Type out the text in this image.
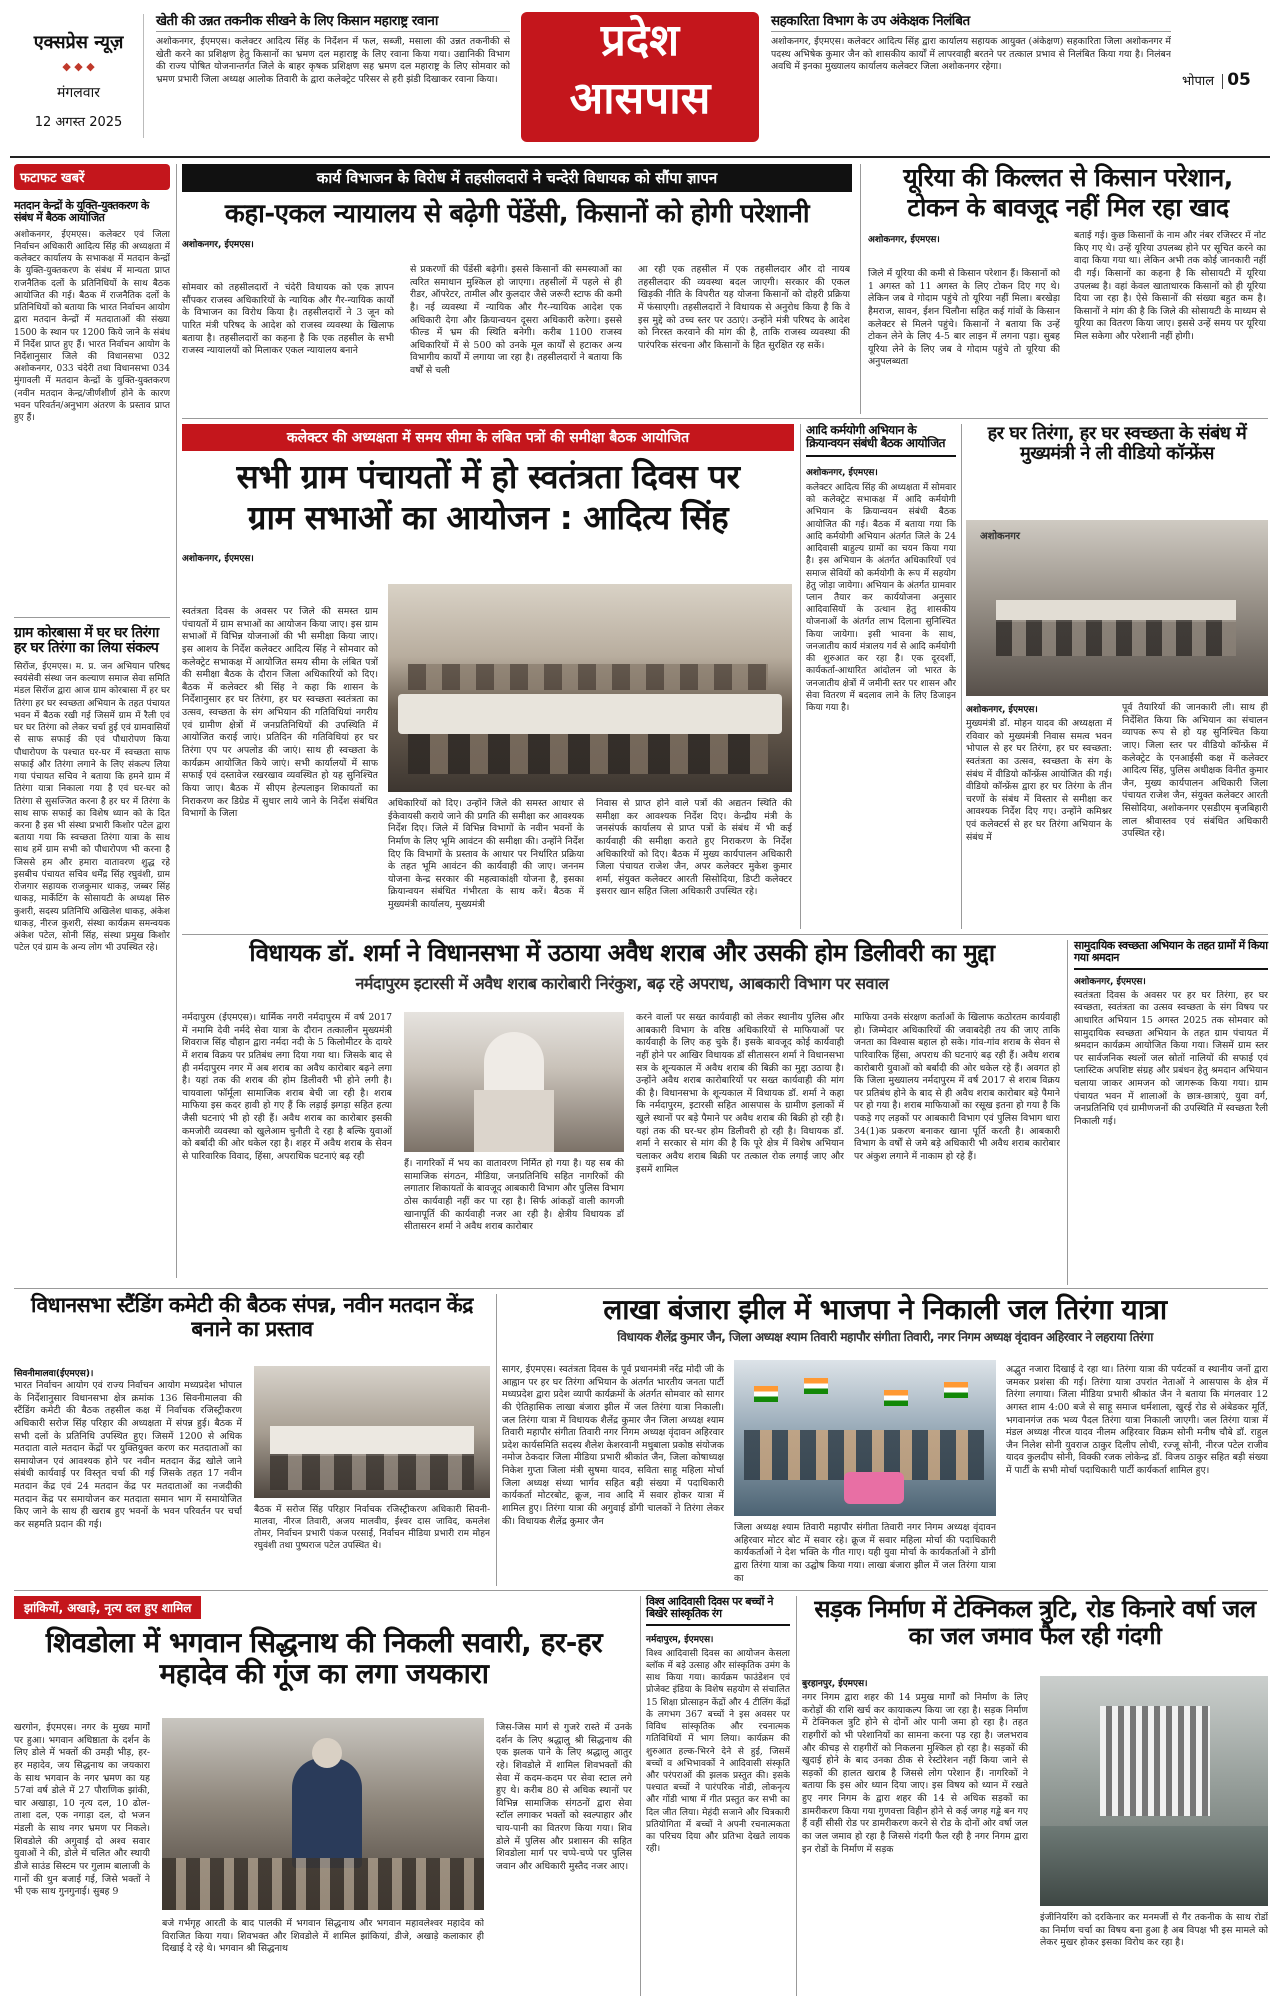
एक्सप्रेस न्यूज़
◆ ◆ ◆
मंगलवार
12 अगस्त 2025
खेती की उन्नत तकनीक सीखने के लिए किसान महाराष्ट्र रवाना
अशोकनगर, ईएमएस। कलेक्टर आदित्य सिंह के निर्देशन में फल, सब्जी, मसाला की उन्नत तकनीकी से खेती करने का प्रशिक्षण हेतु किसानों का भ्रमण दल महाराष्ट्र के लिए रवाना किया गया। उद्यानिकी विभाग की राज्य पोषित योजनान्तर्गत जिले के बाहर कृषक प्रशिक्षण सह भ्रमण दल महाराष्ट्र के लिए सोमवार को भ्रमण प्रभारी जिला अध्यक्ष आलोक तिवारी के द्वारा कलेक्ट्रेट परिसर से हरी झंडी दिखाकर रवाना किया।
प्रदेश
आसपास
सहकारिता विभाग के उप अंकेक्षक निलंबित
अशोकनगर, ईएमएस। कलेक्टर आदित्य सिंह द्वारा कार्यालय सहायक आयुक्त (अंकेक्षण) सहकारिता जिला अशोकनगर में पदस्थ अभिषेक कुमार जैन को शासकीय कार्यों में लापरवाही बरतने पर तत्काल प्रभाव से निलंबित किया गया है। निलंबन अवधि में इनका मुख्यालय कार्यालय कलेक्टर जिला अशोकनगर रहेगा।
भोपाल 05
फटाफट खबरें
मतदान केन्द्रों के युक्ति-युक्तकरण के संबंध में बैठक आयोजित
अशोकनगर, ईएमएस। कलेक्टर एवं जिला निर्वाचन अधिकारी आदित्य सिंह की अध्यक्षता में कलेक्टर कार्यालय के सभाकक्ष में मतदान केन्द्रों के युक्ति-युक्तकरण के संबंध में मान्यता प्राप्त राजनैतिक दलों के प्रतिनिधियों के साथ बैठक आयोजित की गई। बैठक में राजनैतिक दलों के प्रतिनिधियों को बताया कि भारत निर्वाचन आयोग द्वारा मतदान केन्द्रों में मतदाताओं की संख्या 1500 के स्थान पर 1200 किये जाने के संबंध में निर्देश प्राप्त हुए हैं। भारत निर्वाचन आयोग के निर्देशानुसार जिले की विधानसभा 032 अशोकनगर, 033 चंदेरी तथा विधानसभा 034 मुंगावली में मतदान केन्द्रों के युक्ति-युक्तकरण (नवीन मतदान केन्द्र/जीर्णशीर्ण होने के कारण भवन परिवर्तन/अनुभाग अंतरण के प्रस्ताव प्राप्त हुए हैं।
ग्राम कोरबासा में घर घर तिरंगा हर घर तिरंगा का लिया संकल्प
सिरोंज, ईएमएस। म. प्र. जन अभियान परिषद स्वयंसेवी संस्था जन कल्याण समाज सेवा समिति मंडल सिरोंज द्वारा आज ग्राम कोरबासा में हर घर तिरंगा हर घर स्वच्छता अभियान के तहत पंचायत भवन में बैठक रखी गई जिसमें ग्राम में रैली एवं घर घर तिरंगा को लेकर चर्चा हुई एवं ग्रामवासियों से साफ सफाई की एवं पौधारोपण किया पौधारोपण के पश्चात घर-घर में स्वच्छता साफ सफाई और तिरंगा लगाने के लिए संकल्प लिया गया पंचायत सचिव ने बताया कि हमने ग्राम में तिरंगा यात्रा निकाला गया है एवं घर-घर को तिरंगा से सुसज्जित करना है हर घर में तिरंगा के साथ साफ सफाई का विशेष ध्यान को के दित करना है इस भी संस्था प्रभारी किशोर पटेल द्वारा बताया गया कि स्वच्छता तिरंगा यात्रा के साथ साथ हमें ग्राम सभी को पौधारोपण भी करना है जिससे हम और हमारा वातावरण शुद्ध रहे इसबीच पंचायत सचिव धर्मेंद्र सिंह रघुवंशी, ग्राम रोजगार सहायक राजकुमार धाकड़, जब्बर सिंह धाकड़, मार्केटिंग के सोसायटी के अध्यक्ष सिरु कुशरी, सदस्य प्रतिनिधि अखिलेश धाकड़, अंकेश धाकड़, नीरज कुशरी, संस्था कार्यक्रम समन्वयक अंकेश पटेल, सोनी सिंह, संस्था प्रमुख किशोर पटेल एवं ग्राम के अन्य लोग भी उपस्थित रहे।
कार्य विभाजन के विरोध में तहसीलदारों ने चन्देरी विधायक को सौंपा ज्ञापन
कहा-एकल न्यायालय से बढ़ेगी पेंडेंसी, किसानों को होगी परेशानी
अशोकनगर, ईएमएस।
सोमवार को तहसीलदारों ने चंदेरी विधायक को एक ज्ञापन सौंपकर राजस्व अधिकारियों के न्यायिक और गैर-न्यायिक कार्यों के विभाजन का विरोध किया है। तहसीलदारों ने 3 जून को पारित मंत्री परिषद के आदेश को राजस्व व्यवस्था के खिलाफ बताया है। तहसीलदारों का कहना है कि एक तहसील के सभी राजस्व न्यायालयों को मिलाकर एकल न्यायालय बनाने
से प्रकरणों की पेंडेंसी बढ़ेगी। इससे किसानों की समस्याओं का त्वरित समाधान मुश्किल हो जाएगा। तहसीलों में पहले से ही रीडर, ऑपरेटर, तामील और कुलदार जैसे जरूरी स्टाफ की कमी है। नई व्यवस्था में न्यायिक और गैर-न्यायिक आदेश एक अधिकारी देगा और क्रियान्वयन दूसरा अधिकारी करेगा। इससे फील्ड में भ्रम की स्थिति बनेगी। करीब 1100 राजस्व अधिकारियों में से 500 को उनके मूल कार्यों से हटाकर अन्य विभागीय कार्यों में लगाया जा रहा है। तहसीलदारों ने बताया कि वर्षों से चली
आ रही एक तहसील में एक तहसीलदार और दो नायब तहसीलदार की व्यवस्था बदल जाएगी। सरकार की एकल खिड़की नीति के विपरीत यह योजना किसानों को दोहरी प्रक्रिया में फंसाएगी। तहसीलदारों ने विधायक से अनुरोध किया है कि वे इस मुद्दे को उच्च स्तर पर उठाएं। उन्होंने मंत्री परिषद के आदेश को निरस्त करवाने की मांग की है, ताकि राजस्व व्यवस्था की पारंपरिक संरचना और किसानों के हित सुरक्षित रह सकें।
यूरिया की किल्लत से किसान परेशान,
टोकन के बावजूद नहीं मिल रहा खाद
अशोकनगर, ईएमएस।
जिले में यूरिया की कमी से किसान परेशान हैं। किसानों को 1 अगस्त को 11 अगस्त के लिए टोकन दिए गए थे। लेकिन जब वे गोदाम पहुंचे तो यूरिया नहीं मिला। बरखेड़ा हैमराज, सावन, ईशन चिलौना सहित कई गांवों के किसान कलेक्टर से मिलने पहुंचे। किसानों ने बताया कि उन्हें टोकन लेने के लिए 4-5 बार लाइन में लगना पड़ा। सुबह यूरिया लेने के लिए जब वे गोदाम पहुंचे तो यूरिया की अनुपलब्धता
बताई गई। कुछ किसानों के नाम और नंबर रजिस्टर में नोट किए गए थे। उन्हें यूरिया उपलब्ध होने पर सूचित करने का वादा किया गया था। लेकिन अभी तक कोई जानकारी नहीं दी गई। किसानों का कहना है कि सोसायटी में यूरिया उपलब्ध है। वहां केवल खाताधारक किसानों को ही यूरिया दिया जा रहा है। ऐसे किसानों की संख्या बहुत कम है। किसानों ने मांग की है कि जिले की सोसायटी के माध्यम से यूरिया का वितरण किया जाए। इससे उन्हें समय पर यूरिया मिल सकेगा और परेशानी नहीं होगी।
कलेक्टर की अध्यक्षता में समय सीमा के लंबित पत्रों की समीक्षा बैठक आयोजित
सभी ग्राम पंचायतों में हो स्वतंत्रता दिवस पर
ग्राम सभाओं का आयोजन : आदित्य सिंह
अशोकनगर, ईएमएस।
स्वतंत्रता दिवस के अवसर पर जिले की समस्त ग्राम पंचायतों में ग्राम सभाओं का आयोजन किया जाए। इस ग्राम सभाओं में विभिन्न योजनाओं की भी समीक्षा किया जाए। इस आशय के निर्देश कलेक्टर आदित्य सिंह ने सोमवार को कलेक्ट्रेट सभाकक्ष में आयोजित समय सीमा के लंबित पत्रों की समीक्षा बैठक के दौरान जिला अधिकारियों को दिए। बैठक में कलेक्टर श्री सिंह ने कहा कि शासन के निर्देशानुसार हर घर तिरंगा, हर घर स्वच्छता स्वतंत्रता का उत्सव, स्वच्छता के संग अभियान की गतिविधियां नगरीय एवं ग्रामीण क्षेत्रों में जनप्रतिनिधियों की उपस्थिति में आयोजित कराई जाएं। प्रतिदिन की गतिविधियां हर घर तिरंगा एप पर अपलोड की जाएं। साथ ही स्वच्छता के कार्यक्रम आयोजित किये जाएं। सभी कार्यालयों में साफ सफाई एवं दस्तावेज रखरखाव व्यवस्थित हो यह सुनिश्चित किया जाए। बैठक में सीएम हेल्पलाइन शिकायतों का निराकरण कर डिग्रेड में सुधार लाये जाने के निर्देश संबंधित विभागों के जिला
अधिकारियों को दिए। उन्होंने जिले की समस्त आधार से ईकेवायसी कराये जाने की प्रगति की समीक्षा कर आवश्यक निर्देश दिए। जिले में विभिन्न विभागों के नवीन भवनों के निर्माण के लिए भूमि आवंटन की समीक्षा की। उन्होंने निर्देश दिए कि विभागों के प्रस्ताव के आधार पर निर्धारित प्रक्रिया के तहत भूमि आवंटन की कार्यवाही की जाए। जननम योजना केन्द्र सरकार की महत्वाकांक्षी योजना है, इसका क्रियान्वयन संबंधित गंभीरता के साथ करें। बैठक में मुख्यमंत्री कार्यालय, मुख्यमंत्री
निवास से प्राप्त होने वाले पत्रों की अद्यतन स्थिति की समीक्षा कर आवश्यक निर्देश दिए। केन्द्रीय मंत्री के जनसंपर्क कार्यालय से प्राप्त पत्रों के संबंध में भी कई कार्यवाही की समीक्षा कराते हुए निराकरण के निर्देश अधिकारियों को दिए। बैठक में मुख्य कार्यपालन अधिकारी जिला पंचायत राजेश जैन, अपर कलेक्टर मुकेश कुमार शर्मा, संयुक्त कलेक्टर आरती सिसोदिया, डिप्टी कलेक्टर इसरार खान सहित जिला अधिकारी उपस्थित रहे।
आदि कर्मयोगी अभियान के क्रियान्वयन संबंधी बैठक आयोजित
अशोकनगर, ईएमएस।
कलेक्टर आदित्य सिंह की अध्यक्षता में सोमवार को कलेक्ट्रेट सभाकक्ष में आदि कर्मयोगी अभियान के क्रियान्वयन संबंधी बैठक आयोजित की गई। बैठक में बताया गया कि आदि कर्मयोगी अभियान अंतर्गत जिले के 24 आदिवासी बाहुल्य ग्रामों का चयन किया गया है। इस अभियान के अंतर्गत अधिकारियों एवं समाज सेवियों को कर्मयोगी के रूप में सहयोग हेतु जोड़ा जायेगा। अभियान के अंतर्गत ग्रामवार प्लान तैयार कर कार्ययोजना अनुसार आदिवासियों के उत्थान हेतु शासकीय योजनाओं के अंतर्गत लाभ दिलाना सुनिश्चित किया जायेगा। इसी भावना के साथ, जनजातीय कार्य मंत्रालय गर्व से आदि कर्मयोगी की शुरुआत कर रहा है। एक दूरदर्शी, कार्यकर्ता-आधारित आंदोलन जो भारत के जनजातीय क्षेत्रों में जमीनी स्तर पर शासन और सेवा वितरण में बदलाव लाने के लिए डिजाइन किया गया है।
हर घर तिरंगा, हर घर स्वच्छता के संबंध में मुख्यमंत्री ने ली वीडियो कॉन्फ्रेंस
अशोकनगर
अशोकनगर, ईएमएस।
मुख्यमंत्री डॉ. मोहन यादव की अध्यक्षता में रविवार को मुख्यमंत्री निवास समत्व भवन भोपाल से हर घर तिरंगा, हर घर स्वच्छता: स्वतंत्रता का उत्सव, स्वच्छता के संग के संबंध में वीडियो कॉन्फ्रेंस आयोजित की गई। वीडियो कॉन्फ्रेंस द्वारा हर घर तिरंगा के तीन चरणों के संबंध में विस्तार से समीक्षा कर आवश्यक निर्देश दिए गए। उन्होंने कमिश्नर एवं कलेक्टर्स से हर घर तिरंगा अभियान के संबंध में
पूर्व तैयारियों की जानकारी ली। साथ ही निर्देशित किया कि अभियान का संचालन व्यापक रूप से हो यह सुनिश्चित किया जाए। जिला स्तर पर वीडियो कॉन्फ्रेंस में कलेक्ट्रेट के एनआईसी कक्ष में कलेक्टर आदित्य सिंह, पुलिस अधीक्षक विनीत कुमार जैन, मुख्य कार्यपालन अधिकारी जिला पंचायत राजेश जैन, संयुक्त कलेक्टर आरती सिसोदिया, अशोकनगर एसडीएम बृजबिहारी लाल श्रीवास्तव एवं संबंधित अधिकारी उपस्थित रहे।
विधायक डॉ. शर्मा ने विधानसभा में उठाया अवैध शराब और उसकी होम डिलीवरी का मुद्दा
नर्मदापुरम इटारसी में अवैध शराब कारोबारी निरंकुश, बढ़ रहे अपराध, आबकारी विभाग पर सवाल
नर्मदापुरम (ईएमएस)। धार्मिक नगरी नर्मदापुरम में वर्ष 2017 में नमामि देवी नर्मदे सेवा यात्रा के दौरान तत्कालीन मुख्यमंत्री शिवराज सिंह चौहान द्वारा नर्मदा नदी के 5 किलोमीटर के दायरे में शराब विक्रय पर प्रतिबंध लगा दिया गया था। जिसके बाद से ही नर्मदापुरम नगर में अब शराब का अवैध कारोबार बढ़ने लगा है। यहां तक की शराब की होम डिलीवरी भी होने लगी है। चायवाला फॉर्मूला सामाजिक शराब बेची जा रही है। शराब माफिया इस कदर हावी हो गए हैं कि लड़ाई झगड़ा सहित हत्या जैसी घटनाएं भी हो रही हैं। अवैध शराब का कारोबार इसकी कमजोरी व्यवस्था को खुलेआम चुनौती दे रहा है बल्कि युवाओं को बर्बादी की ओर धकेल रहा है। शहर में अवैध शराब के सेवन से पारिवारिक विवाद, हिंसा, अपराधिक घटनाएं बढ़ रही
हैं। नागरिकों में भय का वातावरण निर्मित हो गया है। यह सब की सामाजिक संगठन, मीडिया, जनप्रतिनिधि सहित नागरिकों की लगातार शिकायतों के बावजूद आबकारी विभाग और पुलिस विभाग ठोस कार्यवाही नहीं कर पा रहा है। सिर्फ आंकड़ों वाली कागजी खानापूर्ति की कार्यवाही नजर आ रही है। क्षेत्रीय विधायक डॉ सीतासरन शर्मा ने अवैध शराब कारोबार
करने वालों पर सख्त कार्यवाही को लेकर स्थानीय पुलिस और आबकारी विभाग के वरिष्ठ अधिकारियों से माफियाओं पर कार्यवाही के लिए कह चुके हैं। इसके बावजूद कोई कार्यवाही नहीं होने पर आखिर विधायक डॉ सीतासरन शर्मा ने विधानसभा सत्र के शून्यकाल में अवैध शराब की बिक्री का मुद्दा उठाया है। उन्होंने अवैध शराब कारोबारियों पर सख्त कार्यवाही की मांग की है। विधानसभा के शून्यकाल में विधायक डॉ. शर्मा ने कहा कि नर्मदापुरम, इटारसी सहित आसपास के ग्रामीण इलाकों में खुले स्थानों पर बड़े पैमाने पर अवैध शराब की बिक्री हो रही है। यहां तक की घर-घर होम डिलीवरी हो रही है। विधायक डॉ. शर्मा ने सरकार से मांग की है कि पूरे क्षेत्र में विशेष अभियान चलाकर अवैध शराब बिक्री पर तत्काल रोक लगाई जाए और इसमें शामिल
माफिया उनके संरक्षण कर्ताओं के खिलाफ कठोरतम कार्यवाही हो। जिम्मेदार अधिकारियों की जवाबदेही तय की जाए ताकि जनता का विश्वास बहाल हो सके। गांव-गांव शराब के सेवन से पारिवारिक हिंसा, अपराध की घटनाएं बढ़ रही हैं। अवैध शराब कारोबारी युवाओं को बर्बादी की ओर धकेल रहे हैं। अवगत हो कि जिला मुख्यालय नर्मदापुरम में वर्ष 2017 से शराब विक्रय पर प्रतिबंध होने के बाद से ही अवैध शराब कारोबार बड़े पैमाने पर हो गया है। शराब माफियाओं का रसूख इतना हो गया है कि पकड़े गए लड़कों पर आबकारी विभाग एवं पुलिस विभाग धारा 34(1)क प्रकरण बनाकर खाना पूर्ति करती है। आबकारी विभाग के वर्षों से जमे बड़े अधिकारी भी अवैध शराब कारोबार पर अंकुश लगाने में नाकाम हो रहे हैं।
सामुदायिक स्वच्छता अभियान के तहत ग्रामों में किया गया श्रमदान
अशोकनगर, ईएमएस।
स्वतंत्रता दिवस के अवसर पर हर घर तिरंगा, हर घर स्वच्छता, स्वतंत्रता का उत्सव स्वच्छता के संग विषय पर आधारित अभियान 15 अगस्त 2025 तक सोमवार को सामुदायिक स्वच्छता अभियान के तहत ग्राम पंचायत में श्रमदान कार्यक्रम आयोजित किया गया। जिसमें ग्राम स्तर पर सार्वजनिक स्थलों जल स्रोतों नालियों की सफाई एवं प्लास्टिक अपशिष्ट संग्रह और प्रबंधन हेतु श्रमदान अभियान चलाया जाकर आमजन को जागरूक किया गया। ग्राम पंचायत भवन में शालाओं के छात्र-छात्राएं, युवा वर्ग, जनप्रतिनिधि एवं ग्रामीणजनों की उपस्थिति में स्वच्छता रैली निकाली गई।
विधानसभा स्टैंडिंग कमेटी की बैठक संपन्न, नवीन मतदान केंद्र बनाने का प्रस्ताव
सिवनीमालवा(ईएमएस)।
भारत निर्वाचन आयोग एवं राज्य निर्वाचन आयोग मध्यप्रदेश भोपाल के निर्देशानुसार विधानसभा क्षेत्र क्रमांक 136 सिवनीमालवा की स्टैंडिंग कमेटी की बैठक तहसील कक्ष में निर्वाचक रजिस्ट्रीकरण अधिकारी सरोज सिंह परिहार की अध्यक्षता में संपन्न हुई। बैठक में सभी दलों के प्रतिनिधि उपस्थित हुए। जिसमें 1200 से अधिक मतदाता वाले मतदान केंद्रों पर युक्तियुक्त करण कर मतदाताओं का समायोजन एवं आवश्यक होने पर नवीन मतदान केंद्र खोले जाने संबंधी कार्यवाई पर विस्तृत चर्चा की गई जिसके तहत 17 नवीन मतदान केंद्र एवं 24 मतदान केंद्र पर मतदाताओं का नजदीकी मतदान केंद्र पर समायोजन कर मतदाता समान भाग में समायोजित किए जाने के साथ ही खराब हुए भवनों के भवन परिवर्तन पर चर्चा कर सहमति प्रदान की गई।
बैठक में सरोज सिंह परिहार निर्वाचक रजिस्ट्रीकरण अधिकारी सिवनी-मालवा, नीरज तिवारी, अजय मालवीय, ईश्वर दास जाविद, कमलेश तोमर, निर्वाचन प्रभारी पंकज परसाई, निर्वाचन मीडिया प्रभारी राम मोहन रघुवंशी तथा पुष्पराज पटेल उपस्थित थे।
लाखा बंजारा झील में भाजपा ने निकाली जल तिरंगा यात्रा
विधायक शैलेंद्र कुमार जैन, जिला अध्यक्ष श्याम तिवारी महापौर संगीता तिवारी, नगर निगम अध्यक्ष वृंदावन अहिरवार ने लहराया तिरंगा
सागर, ईएमएस। स्वतंत्रता दिवस के पूर्व प्रधानमंत्री नरेंद्र मोदी जी के आह्वान पर हर घर तिरंगा अभियान के अंतर्गत भारतीय जनता पार्टी मध्यप्रदेश द्वारा प्रदेश व्यापी कार्यक्रमों के अंतर्गत सोमवार को सागर की ऐतिहासिक लाखा बंजारा झील में जल तिरंगा यात्रा निकाली। जल तिरंगा यात्रा में विधायक शैलेंद्र कुमार जैन जिला अध्यक्ष श्याम तिवारी महापौर संगीता तिवारी नगर निगम अध्यक्ष वृंदावन अहिरवार प्रदेश कार्यसमिति सदस्य शैलेश केशरवानी मधुबाला प्रकोष्ठ संयोजक नमोज ठेकदार जिला मीडिया प्रभारी श्रीकांत जैन, जिला कोषाध्यक्ष निकेश गुप्ता जिला मंत्री सुषमा यादव, सविता साहू महिला मोर्चा जिला अध्यक्ष संध्या भार्गव सहित बड़ी संख्या में पदाधिकारी कार्यकर्ता मोटरबोट, क्रूज, नाव आदि में सवार होकर यात्रा में शामिल हुए। तिरंगा यात्रा की अगुवाई डोंगी चालकों ने तिरंगा लेकर की। विधायक शैलेंद्र कुमार जैन
जिला अध्यक्ष श्याम तिवारी महापौर संगीता तिवारी नगर निगम अध्यक्ष वृंदावन अहिरवार मोटर बोट में सवार रहे। क्रूज में सवार महिला मोर्चा की पदाधिकारी कार्यकर्ताओं ने देश भक्ति के गीत गाए। यही युवा मोर्चा के कार्यकर्ताओं ने डोंगी द्वारा तिरंगा यात्रा का उद्घोष किया गया। लाखा बंजारा झील में जल तिरंगा यात्रा का
अद्भुत नजारा दिखाई दे रहा था। तिरंगा यात्रा की पर्यटकों व स्थानीय जनों द्वारा जमकर प्रशंसा की गई। तिरंगा यात्रा उपरांत नेताओं ने आसपास के क्षेत्र में तिरंगा लगाया। जिला मीडिया प्रभारी श्रीकांत जैन ने बताया कि मंगलवार 12 अगस्त शाम 4:00 बजे से साहू समाज धर्मशाला, खुरई रोड से अंबेडकर मूर्ति, भगवानगंज तक भव्य पैदल तिरंगा यात्रा निकाली जाएगी। जल तिरंगा यात्रा में मंडल अध्यक्ष नीरज यादव नीलम अहिरवार विक्रम सोनी मनीष चौबे डॉ. राहुल जैन निलेश सोनी युवराज ठाकुर दिलीप लोधी, रज्जू सोनी, नीरज पटेल राजीव यादव कुलदीप सोनी, विक्की रजक लोकेन्द्र डॉ. विजय ठाकुर सहित बड़ी संख्या में पार्टी के सभी मोर्चा पदाधिकारी पार्टी कार्यकर्ता शामिल हुए।
झांकियों, अखाड़े, नृत्य दल हुए शामिल
शिवडोला में भगवान सिद्धनाथ की निकली सवारी, हर-हर महादेव की गूंज का लगा जयकारा
खरगोन, ईएमएस। नगर के मुख्य मार्गों पर हुआ। भगवान अधिष्ठाता के दर्शन के लिए डोले में भक्तों की उमड़ी भीड़, हर-हर महादेव, जय सिद्धनाथ का जयकारा के साथ भगवान के नगर भ्रमण का यह 57वां वर्ष डोले में 27 पौराणिक झांकी, चार अखाड़ा, 10 नृत्य दल, 10 ढोल-ताशा दल, एक नगाड़ा दल, दो भजन मंडली के साथ नगर भ्रमण पर निकले। शिवडोले की अगुवाई दो अश्व सवार युवाओं ने की, डोले में चलित और स्थायी डीजे साउंड सिस्टम पर गुलाम बालाजी के गानों की धुन बजाई गई, जिसे भक्तों ने भी एक साथ गुनगुनाई। सुबह 9
बजे गर्भगृह आरती के बाद पालकी में भगवान सिद्धनाथ और भगवान महावलेश्वर महादेव को विराजित किया गया। शिवभक्त और शिवडोले में शामिल झांकियां, डीजे, अखाड़े कलाकार ही दिखाई दे रहे थे। भगवान श्री सिद्धनाथ
जिस-जिस मार्ग से गुजरे रास्ते में उनके दर्शन के लिए श्रद्धालु श्री सिद्धनाथ की एक झलक पाने के लिए श्रद्धालु आतुर रहे। शिवडोले में शामिल शिवभक्तों की सेवा में कदम-कदम पर सेवा स्टाल लगे हुए थे। करीब 80 से अधिक स्थानों पर विभिन्न सामाजिक संगठनों द्वारा सेवा स्टॉल लगाकर भक्तों को स्वल्पाहार और चाय-पानी का वितरण किया गया। शिव डोले में पुलिस और प्रशासन की सहित शिवडोला मार्ग पर चप्पे-चप्पे पर पुलिस जवान और अधिकारी मुस्तैद नजर आए।
विश्व आदिवासी दिवस पर बच्चों ने बिखेरे सांस्कृतिक रंग
नर्मदापुरम, ईएमएस।
विश्व आदिवासी दिवस का आयोजन केसला ब्लॉक में बड़े उत्साह और सांस्कृतिक उमंग के साथ किया गया। कार्यक्रम फाउंडेशन एवं प्रोजेक्ट इंडिया के विशेष सहयोग से संचालित 15 शिक्षा प्रोत्साहन केंद्रों और 4 टीलिंग केंद्रों के लगभग 367 बच्चों ने इस अवसर पर विविध सांस्कृतिक और रचनात्मक गतिविधियों में भाग लिया। कार्यक्रम की शुरुआत हल्क-भिरने देने से हुई, जिसमें बच्चों व अभिभावकों ने आदिवासी संस्कृति और परंपराओं की झलक प्रस्तुत की। इसके पश्चात बच्चों ने पारंपरिक नोडी, लोकनृत्य और गोंडी भाषा में गीत प्रस्तुत कर सभी का दिल जीत लिया। मेहंदी सजाने और चित्रकारी प्रतियोगिता में बच्चों ने अपनी रचनात्मकता का परिचय दिया और प्रतिभा देखते लायक रही।
सड़क निर्माण में टेक्निकल त्रुटि, रोड किनारे वर्षा जल का जल जमाव फैल रही गंदगी
बुरहानपुर, ईएमएस।
नगर निगम द्वारा शहर की 14 प्रमुख मार्गों को निर्माण के लिए करोड़ों की राशि खर्च कर कायाकल्प किया जा रहा है। सड़क निर्माण में टेक्निकल त्रुटि होने से दोनों ओर पानी जमा हो रहा है। तहत राहगीरों को भी परेशानियों का सामना करना पड़ रहा है। जलभराव और कीचड़ से राहगीरों को निकलना मुश्किल हो रहा है। सड़कों की खुदाई होने के बाद उनका ठीक से रेस्टोरेशन नहीं किया जाने से सड़कों की हालत खराब है जिससे लोग परेशान हैं। नागरिकों ने बताया कि इस ओर ध्यान दिया जाए। इस विषय को ध्यान में रखते हुए नगर निगम के द्वारा शहर की 14 से अधिक सड़कों का डामरीकरण किया गया गुणवत्ता विहीन होने से कई जगह गड्ढे बन गए हैं वहीं सीसी रोड पर डामरीकरण करने से रोड के दोनों ओर वर्षा जल का जल जमाव हो रहा है जिससे गंदगी फैल रही है नगर निगम द्वारा इन रोडों के निर्माण में सड़क
इंजीनियरिंग को दरकिनार कर मनमर्जी से गैर तकनीक के साथ रोडों का निर्माण चर्चा का विषय बना हुआ है अब विपक्ष भी इस मामले को लेकर मुखर होकर इसका विरोध कर रहा है।
